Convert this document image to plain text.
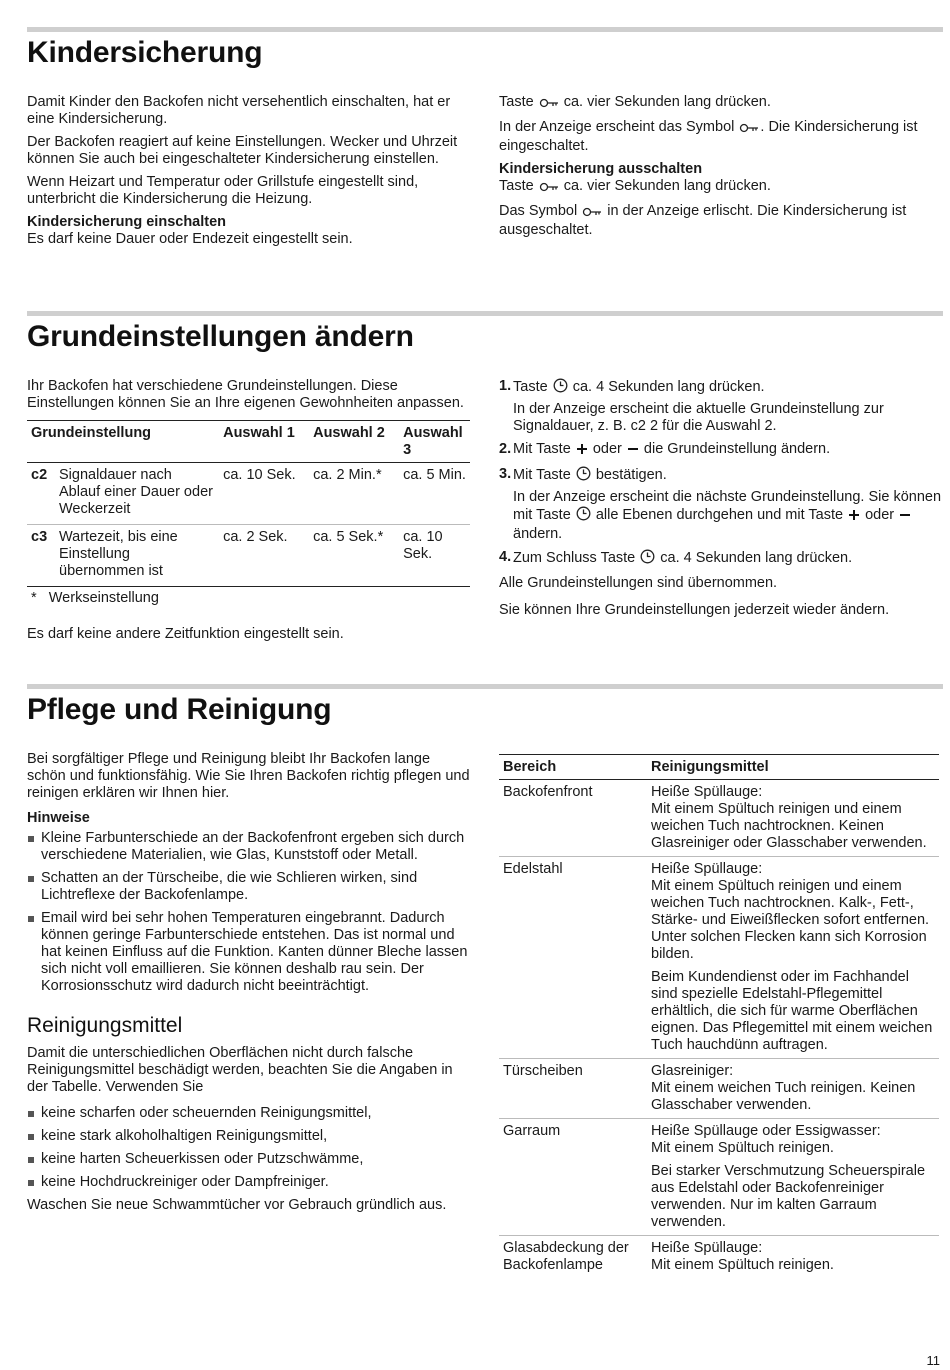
Kindersicherung

Damit Kinder den Backofen nicht versehentlich einschalten, hat er eine Kindersicherung.

Der Backofen reagiert auf keine Einstellungen. Wecker und Uhrzeit können Sie auch bei eingeschalteter Kindersicherung einstellen.

Wenn Heizart und Temperatur oder Grillstufe eingestellt sind, unterbricht die Kindersicherung die Heizung.

Kindersicherung einschalten

Es darf keine Dauer oder Endezeit eingestellt sein.

Taste ca. vier Sekunden lang drücken.

In der Anzeige erscheint das Symbol . Die Kindersicherung ist eingeschaltet.

Kindersicherung ausschalten

Taste ca. vier Sekunden lang drücken.

Das Symbol in der Anzeige erlischt. Die Kindersicherung ist ausgeschaltet.

Grundeinstellungen ändern

Ihr Backofen hat verschiedene Grundeinstellungen. Diese Einstellungen können Sie an Ihre eigenen Gewohnheiten anpassen.

Grundeinstellung		Auswahl 1	Auswahl 2	Auswahl 3
c2	Signaldauer nach Ablauf einer Dauer oder Weckerzeit	ca. 10 Sek.	ca. 2 Min.*	ca. 5 Min.
c3	Wartezeit, bis eine Einstellung übernommen ist	ca. 2 Sek.	ca. 5 Sek.*	ca. 10 Sek.
* Werkseinstellung

Es darf keine andere Zeitfunktion eingestellt sein.

1. Taste ca. 4 Sekunden lang drücken.
In der Anzeige erscheint die aktuelle Grundeinstellung zur Signaldauer, z. B. c2 2 für die Auswahl 2.
2. Mit Taste oder die Grundeinstellung ändern.
3. Mit Taste bestätigen.
In der Anzeige erscheint die nächste Grundeinstellung. Sie können mit Taste alle Ebenen durchgehen und mit Taste oder  ändern.
4. Zum Schluss Taste ca. 4 Sekunden lang drücken.

Alle Grundeinstellungen sind übernommen.

Sie können Ihre Grundeinstellungen jederzeit wieder ändern.

Pflege und Reinigung

Bei sorgfältiger Pflege und Reinigung bleibt Ihr Backofen lange schön und funktionsfähig. Wie Sie Ihren Backofen richtig pflegen und reinigen erklären wir Ihnen hier.

Hinweise
Kleine Farbunterschiede an der Backofenfront ergeben sich durch verschiedene Materialien, wie Glas, Kunststoff oder Metall.
Schatten an der Türscheibe, die wie Schlieren wirken, sind Lichtreflexe der Backofenlampe.
Email wird bei sehr hohen Temperaturen eingebrannt. Dadurch können geringe Farbunterschiede entstehen. Das ist normal und hat keinen Einfluss auf die Funktion. Kanten dünner Bleche lassen sich nicht voll emaillieren. Sie können deshalb rau sein. Der Korrosionsschutz wird dadurch nicht beeinträchtigt.
Reinigungsmittel

Damit die unterschiedlichen Oberflächen nicht durch falsche Reinigungsmittel beschädigt werden, beachten Sie die Angaben in der Tabelle. Verwenden Sie

keine scharfen oder scheuernden Reinigungsmittel,
keine stark alkoholhaltigen Reinigungsmittel,
keine harten Scheuerkissen oder Putzschwämme,
keine Hochdruckreiniger oder Dampfreiniger.

Waschen Sie neue Schwammtücher vor Gebrauch gründlich aus.

Bereich	Reinigungsmittel
Backofenfront	Heiße Spüllauge:
Mit einem Spültuch reinigen und einem weichen Tuch nachtrocknen. Keinen Glasreiniger oder Glasschaber verwenden.

Edelstahl	Heiße Spüllauge:
Mit einem Spültuch reinigen und einem weichen Tuch nachtrocknen. Kalk-, Fett-, Stärke- und Eiweißflecken sofort entfernen. Unter solchen Flecken kann sich Korrosion bilden.

Beim Kundendienst oder im Fachhandel sind spezielle Edelstahl-Pflegemittel erhältlich, die sich für warme Oberflächen eignen. Das Pflegemittel mit einem weichen Tuch hauchdünn auftragen.

Türscheiben	Glasreiniger:
Mit einem weichen Tuch reinigen. Keinen Glasschaber verwenden.

Garraum	Heiße Spüllauge oder Essigwasser:
Mit einem Spültuch reinigen.

Bei starker Verschmutzung Scheuerspirale aus Edelstahl oder Backofenreiniger verwenden. Nur im kalten Garraum verwenden.

Glasabdeckung der Backofenlampe	Heiße Spüllauge:
Mit einem Spültuch reinigen.

11
